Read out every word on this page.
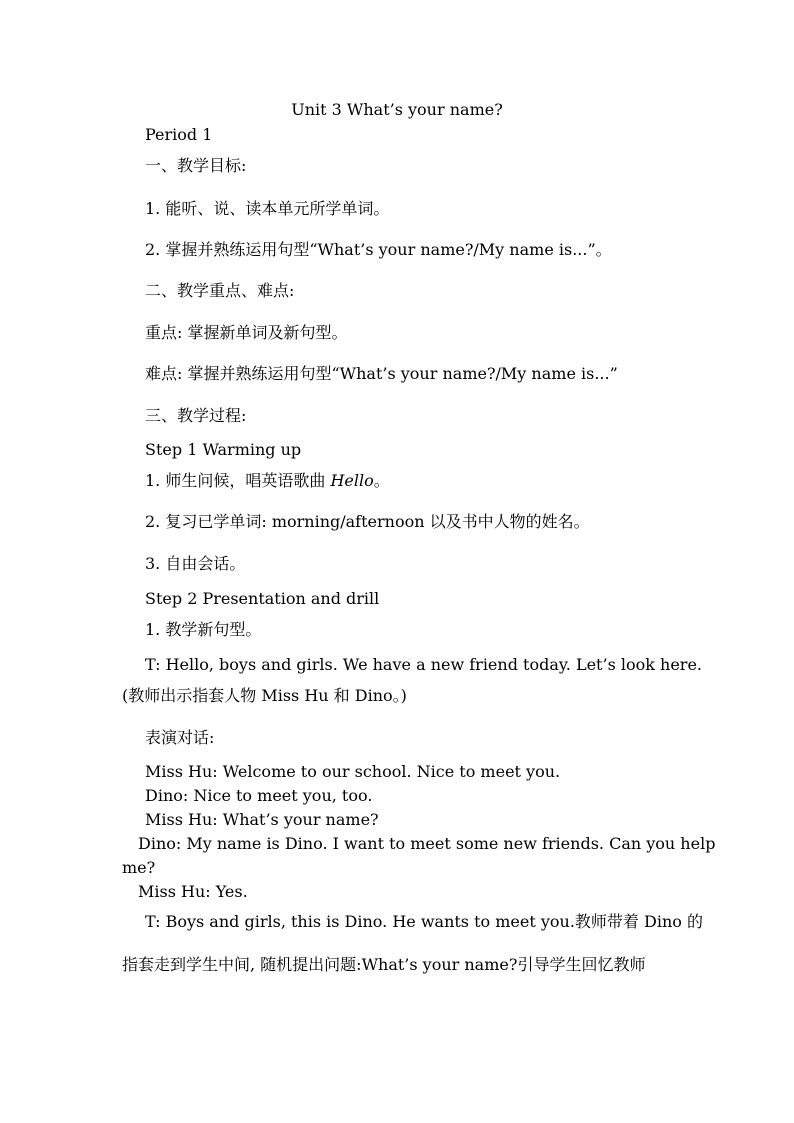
Unit 3 What’s your name?
Period 1
一、教学目标:
1. 能听、说、读本单元所学单词。
2. 掌握并熟练运用句型“What’s your name?/My name is...”。
二、教学重点、难点:
重点: 掌握新单词及新句型。
难点: 掌握并熟练运用句型“What’s your name?/My name is...”
三、教学过程:
Step 1 Warming up
1. 师生问候，唱英语歌曲 Hello。
2. 复习已学单词: morning/afternoon 以及书中人物的姓名。
3. 自由会话。
Step 2 Presentation and drill
1. 教学新句型。
T: Hello, boys and girls. We have a new friend today. Let’s look here.
(教师出示指套人物 Miss Hu 和 Dino。)
表演对话:
Miss Hu: Welcome to our school. Nice to meet you.
Dino: Nice to meet you, too.
Miss Hu: What’s your name?
Dino: My name is Dino. I want to meet some new friends. Can you help
me?
Miss Hu: Yes.
T: Boys and girls, this is Dino. He wants to meet you.教师带着 Dino 的
指套走到学生中间, 随机提出问题:What’s your name?引导学生回忆教师
